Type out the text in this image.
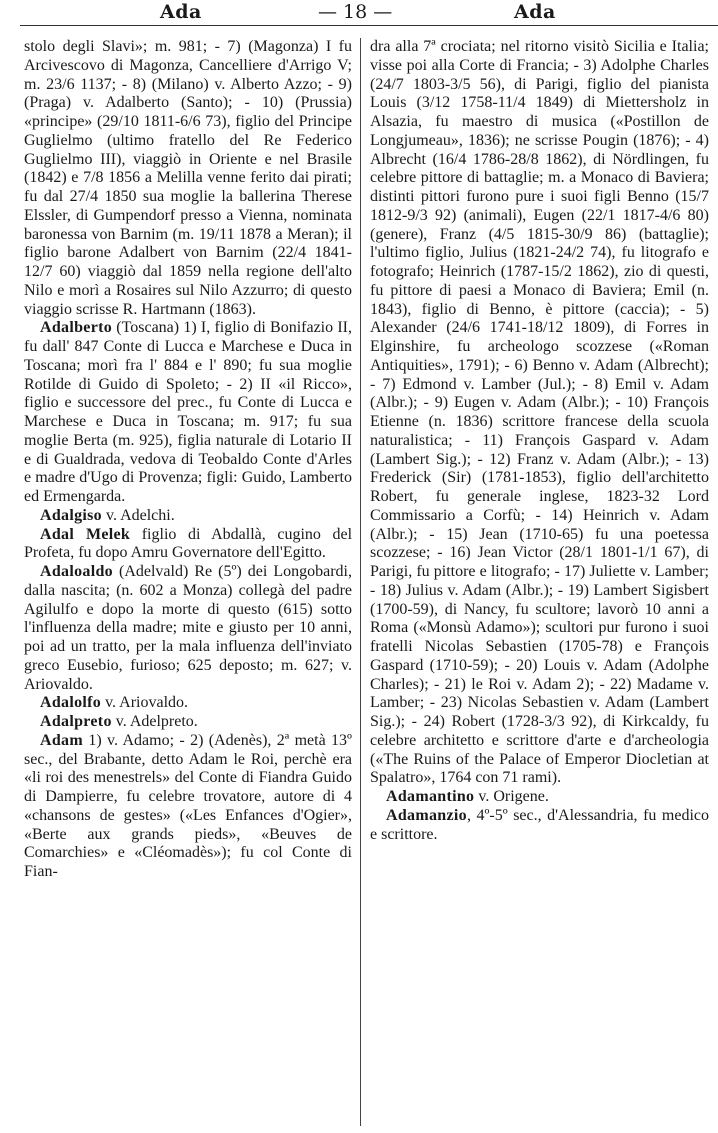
Ada	— 18 —	Ada

stolo degli Slavi»; m. 981; - 7) (Magonza) I fu Arcivescovo di Magonza, Cancelliere d'Arrigo V; m. 23/6 1137; - 8) (Milano) v. Alberto Azzo; - 9) (Praga) v. Adalberto (Santo); - 10) (Prussia) «principe» (29/10 1811-6/6 73), figlio del Principe Guglielmo (ultimo fratello del Re Federico Guglielmo III), viaggiò in Oriente e nel Brasile (1842) e 7/8 1856 a Melilla venne ferito dai pirati; fu dal 27/4 1850 sua moglie la ballerina Therese Elssler, di Gumpendorf presso a Vienna, nominata baronessa von Barnim (m. 19/11 1878 a Meran); il figlio barone Adalbert von Barnim (22/4 1841-12/7 60) viaggiò dal 1859 nella regione dell'alto Nilo e morì a Rosaires sul Nilo Azzurro; di questo viaggio scrisse R. Hartmann (1863).

Adalberto (Toscana) 1) I, figlio di Bonifazio II, fu dall' 847 Conte di Lucca e Marchese e Duca in Toscana; morì fra l' 884 e l' 890; fu sua moglie Rotilde di Guido di Spoleto; - 2) II «il Ricco», figlio e successore del prec., fu Conte di Lucca e Marchese e Duca in Toscana; m. 917; fu sua moglie Berta (m. 925), figlia naturale di Lotario II e di Gualdrada, vedova di Teobaldo Conte d'Arles e madre d'Ugo di Provenza; figli: Guido, Lamberto ed Ermengarda.

Adalgiso v. Adelchi.

Adal Melek figlio di Abdallà, cugino del Profeta, fu dopo Amru Governatore dell'Egitto.

Adaloaldo (Adelvald) Re (5º) dei Longobardi, dalla nascita; (n. 602 a Monza) collegà del padre Agilulfo e dopo la morte di questo (615) sotto l'influenza della madre; mite e giusto per 10 anni, poi ad un tratto, per la mala influenza dell'inviato greco Eusebio, furioso; 625 deposto; m. 627; v. Ariovaldo.

Adalolfo v. Ariovaldo.

Adalpreto v. Adelpreto.

Adam 1) v. Adamo; - 2) (Adenès), 2ª metà 13º sec., del Brabante, detto Adam le Roi, perchè era «li roi des menestrels» del Conte di Fiandra Guido di Dampierre, fu celebre trovatore, autore di 4 «chansons de gestes» («Les Enfances d'Ogier», «Berte aux grands pieds», «Beuves de Comarchies» e «Cléomadès»); fu col Conte di Fian-

dra alla 7ª crociata; nel ritorno visitò Sicilia e Italia; visse poi alla Corte di Francia; - 3) Adolphe Charles (24/7 1803-3/5 56), di Parigi, figlio del pianista Louis (3/12 1758-11/4 1849) di Miettersholz in Alsazia, fu maestro di musica («Postillon de Longjumeau», 1836); ne scrisse Pougin (1876); - 4) Albrecht (16/4 1786-28/8 1862), di Nördlingen, fu celebre pittore di battaglie; m. a Monaco di Baviera; distinti pittori furono pure i suoi figli Benno (15/7 1812-9/3 92) (animali), Eugen (22/1 1817-4/6 80) (genere), Franz (4/5 1815-30/9 86) (battaglie); l'ultimo figlio, Julius (1821-24/2 74), fu litografo e fotografo; Heinrich (1787-15/2 1862), zio di questi, fu pittore di paesi a Monaco di Baviera; Emil (n. 1843), figlio di Benno, è pittore (caccia); - 5) Alexander (24/6 1741-18/12 1809), di Forres in Elginshire, fu archeologo scozzese («Roman Antiquities», 1791); - 6) Benno v. Adam (Albrecht); - 7) Edmond v. Lamber (Jul.); - 8) Emil v. Adam (Albr.); - 9) Eugen v. Adam (Albr.); - 10) François Etienne (n. 1836) scrittore francese della scuola naturalistica; - 11) François Gaspard v. Adam (Lambert Sig.); - 12) Franz v. Adam (Albr.); - 13) Frederick (Sir) (1781-1853), figlio dell'architetto Robert, fu generale inglese, 1823-32 Lord Commissario a Corfù; - 14) Heinrich v. Adam (Albr.); - 15) Jean (1710-65) fu una poetessa scozzese; - 16) Jean Victor (28/1 1801-1/1 67), di Parigi, fu pittore e litografo; - 17) Juliette v. Lamber; - 18) Julius v. Adam (Albr.); - 19) Lambert Sigisbert (1700-59), di Nancy, fu scultore; lavorò 10 anni a Roma («Monsù Adamo»); scultori pur furono i suoi fratelli Nicolas Sebastien (1705-78) e François Gaspard (1710-59); - 20) Louis v. Adam (Adolphe Charles); - 21) le Roi v. Adam 2); - 22) Madame v. Lamber; - 23) Nicolas Sebastien v. Adam (Lambert Sig.); - 24) Robert (1728-3/3 92), di Kirkcaldy, fu celebre architetto e scrittore d'arte e d'archeologia («The Ruins of the Palace of Emperor Diocletian at Spalatro», 1764 con 71 rami).

Adamantino v. Origene.

Adamanzio, 4º-5º sec., d'Alessandria, fu medico e scrittore.
